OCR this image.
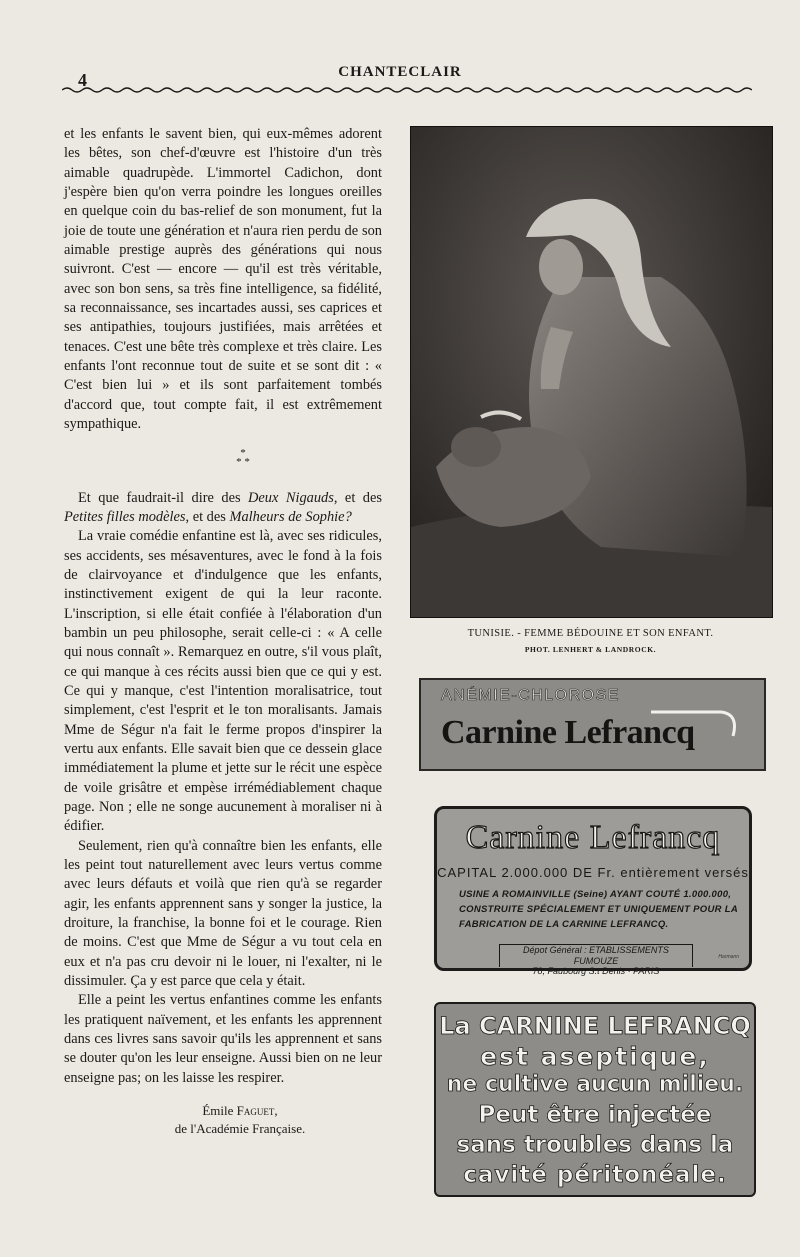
4	CHANTECLAIR

et les enfants le savent bien, qui eux-mêmes adorent les bêtes, son chef-d'œuvre est l'histoire d'un très aimable quadrupède. L'immortel Cadichon, dont j'espère bien qu'on verra poindre les longues oreilles en quelque coin du bas-relief de son monument, fut la joie de toute une génération et n'aura rien perdu de son aimable prestige auprès des générations qui nous suivront. C'est — encore — qu'il est très véritable, avec son bon sens, sa très fine intelligence, sa fidélité, sa reconnaissance, ses incartades aussi, ses caprices et ses antipathies, toujours justifiées, mais arrêtées et tenaces. C'est une bête très complexe et très claire. Les enfants l'ont reconnue tout de suite et se sont dit : « C'est bien lui » et ils sont parfaitement tombés d'accord que, tout compte fait, il est extrêmement sympathique.

*
* *

Et que faudrait-il dire des Deux Nigauds, et des Petites filles modèles, et des Malheurs de Sophie?

La vraie comédie enfantine est là, avec ses ridicules, ses accidents, ses mésaventures, avec le fond à la fois de clairvoyance et d'indulgence que les enfants, instinctivement exigent de qui la leur raconte. L'inscription, si elle était confiée à l'élaboration d'un bambin un peu philosophe, serait celle-ci : « A celle qui nous connaît ». Remarquez en outre, s'il vous plaît, ce qui manque à ces récits aussi bien que ce qui y est. Ce qui y manque, c'est l'intention moralisatrice, tout simplement, c'est l'esprit et le ton moralisants. Jamais Mme de Ségur n'a fait le ferme propos d'inspirer la vertu aux enfants. Elle savait bien que ce dessein glace immédiatement la plume et jette sur le récit une espèce de voile grisâtre et empèse irrémédiablement chaque page. Non ; elle ne songe aucunement à moraliser ni à édifier.

Seulement, rien qu'à connaître bien les enfants, elle les peint tout naturellement avec leurs vertus comme avec leurs défauts et voilà que rien qu'à se regarder agir, les enfants apprennent sans y songer la justice, la droiture, la franchise, la bonne foi et le courage. Rien de moins. C'est que Mme de Ségur a vu tout cela en eux et n'a pas cru devoir ni le louer, ni l'exalter, ni le dissimuler. Ça y est parce que cela y était.

Elle a peint les vertus enfantines comme les enfants les pratiquent naïvement, et les enfants les apprennent dans ces livres sans savoir qu'ils les apprennent et sans se douter qu'on les leur enseigne. Aussi bien on ne leur enseigne pas; on les laisse les respirer.

Émile Faguet,
de l'Académie Française.
TUNISIE. - FEMME BÉDOUINE ET SON ENFANT.
PHOT. LENHERT & LANDROCK.
ANÉMIE-CHLOROSE
Carnine Lefrancq
Carnine Lefrancq
CAPITAL 2.000.000 DE Fr. entièrement versés
USINE A ROMAINVILLE (Seine) AYANT COUTÉ 1.000.000,
CONSTRUITE SPÉCIALEMENT ET UNIQUEMENT POUR LA
FABRICATION DE LA CARNINE LEFRANCQ.
Dépot Général : ETABLISSEMENTS FUMOUZE
78, Faubourg S.t Denis · PARIS
Harmann
La CARNINE LEFRANCQ
est aseptique,
ne cultive aucun milieu.
Peut être injectée
sans troubles dans la
cavité péritonéale.
